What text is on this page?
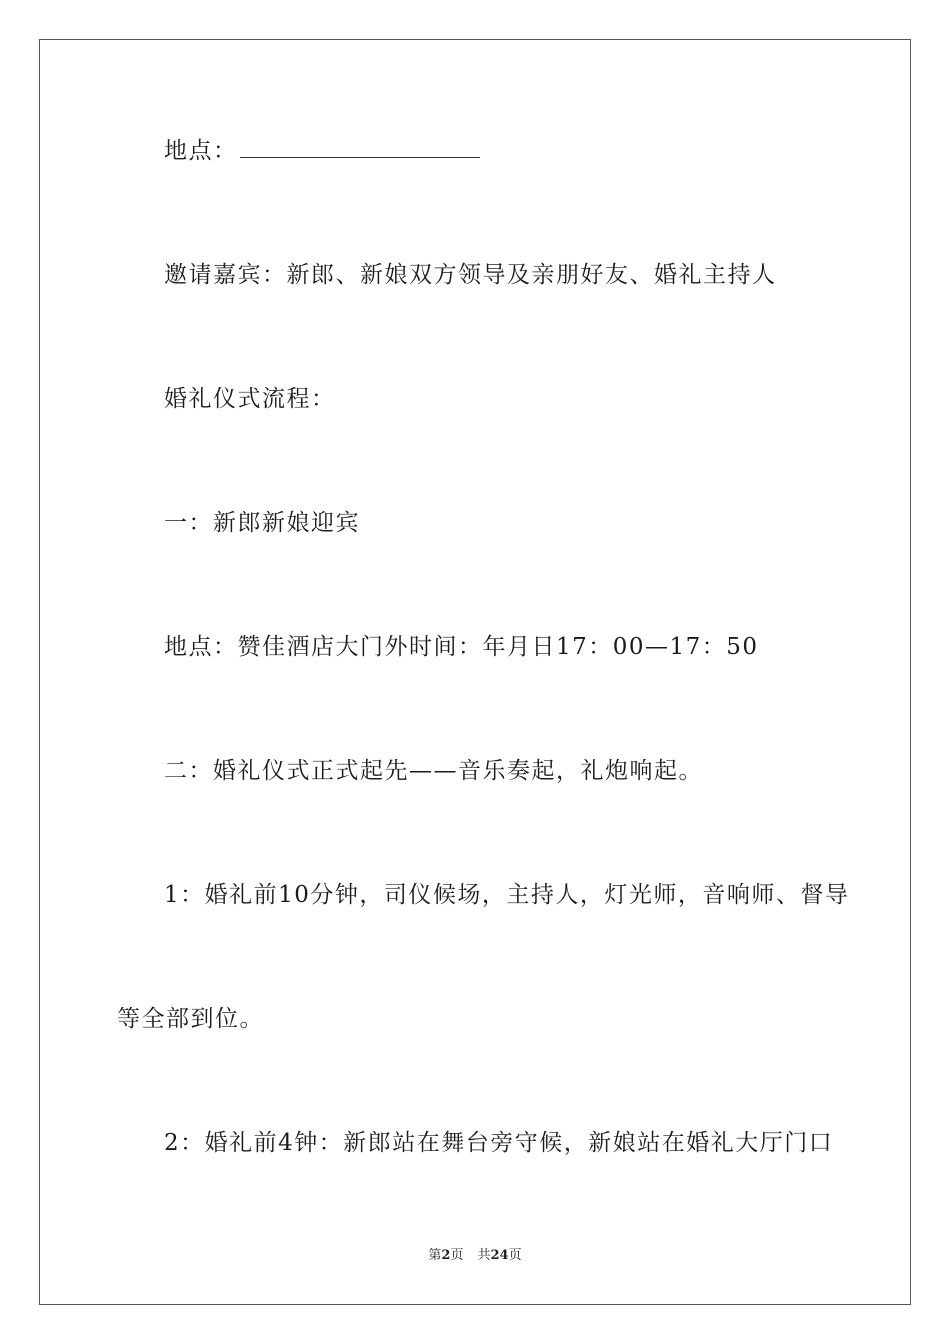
地点：
邀请嘉宾：新郎、新娘双方领导及亲朋好友、婚礼主持人
婚礼仪式流程：
一：新郎新娘迎宾
地点：赞佳酒店大门外时间：年月日17：00—17：50
二：婚礼仪式正式起先——音乐奏起，礼炮响起。
1：婚礼前10分钟，司仪候场，主持人，灯光师，音响师、督导
等全部到位。
2：婚礼前4钟：新郎站在舞台旁守候，新娘站在婚礼大厅门口
第2页 共24页
